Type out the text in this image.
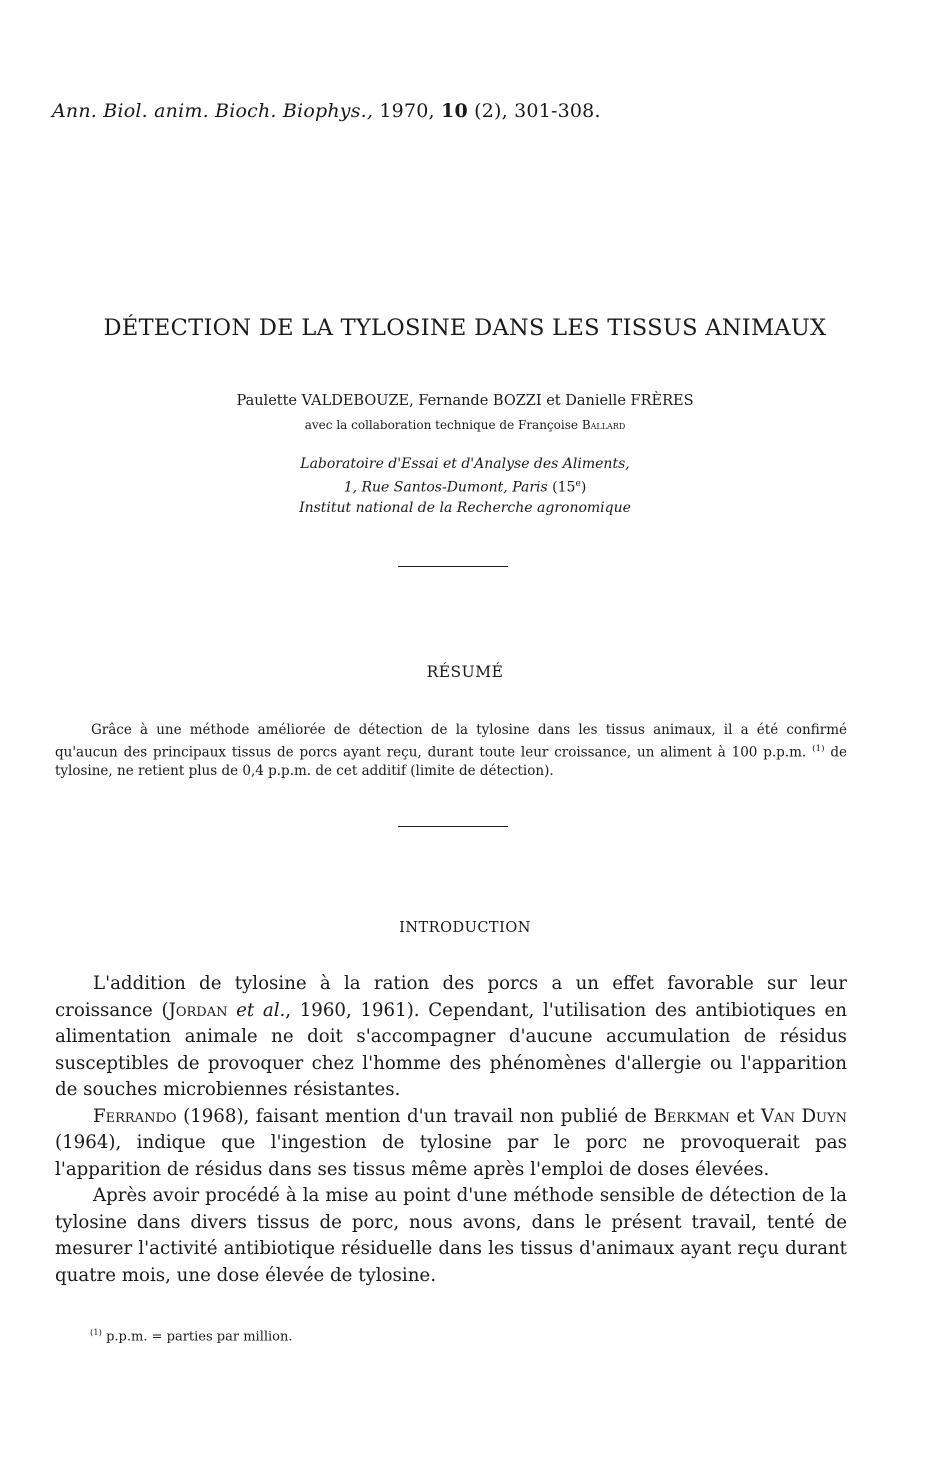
Ann. Biol. anim. Bioch. Biophys., 1970, 10 (2), 301-308.
DÉTECTION DE LA TYLOSINE DANS LES TISSUS ANIMAUX
Paulette VALDEBOUZE, Fernande BOZZI et Danielle FRÈRES
avec la collaboration technique de Françoise Ballard
Laboratoire d'Essai et d'Analyse des Aliments,
1, Rue Santos-Dumont, Paris (15e)
Institut national de la Recherche agronomique
RÉSUMÉ

Grâce à une méthode améliorée de détection de la tylosine dans les tissus animaux, il a été confirmé qu'aucun des principaux tissus de porcs ayant reçu, durant toute leur croissance, un aliment à 100 p.p.m. $^{(1)}$ de tylosine, ne retient plus de 0,4 p.p.m. de cet additif (limite de détection).

INTRODUCTION

L'addition de tylosine à la ration des porcs a un effet favorable sur leur croissance (Jordan et al., 1960, 1961). Cependant, l'utilisation des antibiotiques en alimentation animale ne doit s'accompagner d'aucune accumulation de résidus susceptibles de provoquer chez l'homme des phénomènes d'allergie ou l'apparition de souches microbiennes résistantes.

Ferrando (1968), faisant mention d'un travail non publié de Berkman et Van Duyn (1964), indique que l'ingestion de tylosine par le porc ne provoquerait pas l'apparition de résidus dans ses tissus même après l'emploi de doses élevées.

Après avoir procédé à la mise au point d'une méthode sensible de détection de la tylosine dans divers tissus de porc, nous avons, dans le présent travail, tenté de mesurer l'activité antibiotique résiduelle dans les tissus d'animaux ayant reçu durant quatre mois, une dose élevée de tylosine.

$^{(1)}$ p.p.m. = parties par million.
